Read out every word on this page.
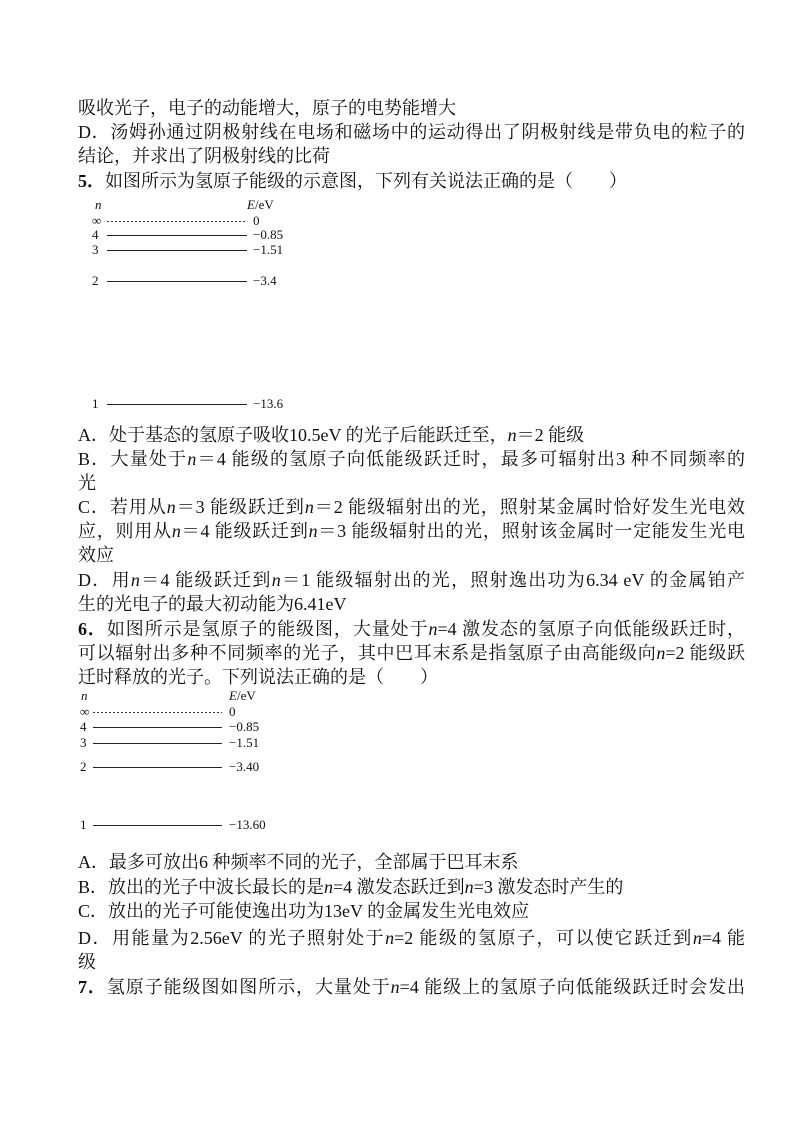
吸收光子，电子的动能增大，原子的电势能增大
D．汤姆孙通过阴极射线在电场和磁场中的运动得出了阴极射线是带负电的粒子的
结论，并求出了阴极射线的比荷
5．如图所示为氢原子能级的示意图，下列有关说法正确的是（　　）
n	E/eV
∞	0
4	−0.85
3	−1.51
2	−3.4
1	−13.6
A．处于基态的氢原子吸收10.5eV 的光子后能跃迁至，n＝2 能级
B．大量处于n＝4 能级的氢原子向低能级跃迁时，最多可辐射出3 种不同频率的
光
C．若用从n＝3 能级跃迁到n＝2 能级辐射出的光，照射某金属时恰好发生光电效
应，则用从n＝4 能级跃迁到n＝3 能级辐射出的光，照射该金属时一定能发生光电
效应
D．用n＝4 能级跃迁到n＝1 能级辐射出的光，照射逸出功为6.34 eV 的金属铂产
生的光电子的最大初动能为6.41eV
6．如图所示是氢原子的能级图，大量处于n=4 激发态的氢原子向低能级跃迁时，
可以辐射出多种不同频率的光子，其中巴耳末系是指氢原子由高能级向n=2 能级跃
迁时释放的光子。下列说法正确的是（　　）
n	E/eV
∞	0
4	−0.85
3	−1.51
2	−3.40
1	−13.60
A．最多可放出6 种频率不同的光子，全部属于巴耳末系
B．放出的光子中波长最长的是n=4 激发态跃迁到n=3 激发态时产生的
C．放出的光子可能使逸出功为13eV 的金属发生光电效应
D．用能量为2.56eV 的光子照射处于n=2 能级的氢原子，可以使它跃迁到n=4 能
级
7．氢原子能级图如图所示，大量处于n=4 能级上的氢原子向低能级跃迁时会发出
